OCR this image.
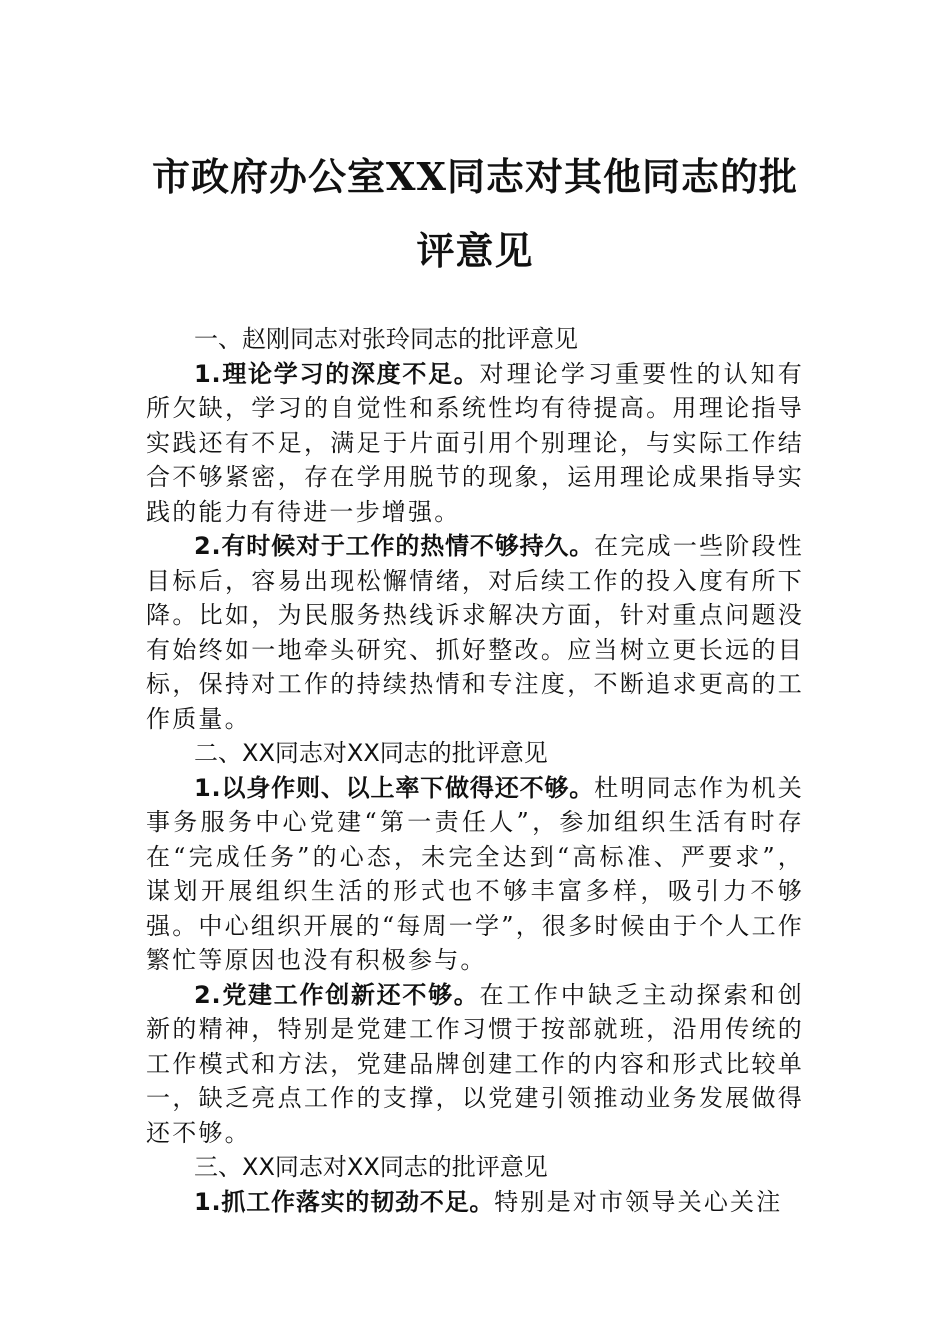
市政府办公室XX同志对其他同志的批评意见

一、赵刚同志对张玲同志的批评意见

1.理论学习的深度不足。对理论学习重要性的认知有所欠缺，学习的自觉性和系统性均有待提高。用理论指导实践还有不足，满足于片面引用个别理论，与实际工作结合不够紧密，存在学用脱节的现象，运用理论成果指导实践的能力有待进一步增强。

2.有时候对于工作的热情不够持久。在完成一些阶段性目标后，容易出现松懈情绪，对后续工作的投入度有所下降。比如，为民服务热线诉求解决方面，针对重点问题没有始终如一地牵头研究、抓好整改。应当树立更长远的目标，保持对工作的持续热情和专注度，不断追求更高的工作质量。

二、XX同志对XX同志的批评意见

1.以身作则、以上率下做得还不够。杜明同志作为机关事务服务中心党建“第一责任人”，参加组织生活有时存在“完成任务”的心态，未完全达到“高标准、严要求”，谋划开展组织生活的形式也不够丰富多样，吸引力不够强。中心组织开展的“每周一学”，很多时候由于个人工作繁忙等原因也没有积极参与。

2.党建工作创新还不够。在工作中缺乏主动探索和创新的精神，特别是党建工作习惯于按部就班，沿用传统的工作模式和方法，党建品牌创建工作的内容和形式比较单一，缺乏亮点工作的支撑，以党建引领推动业务发展做得还不够。

三、XX同志对XX同志的批评意见

1.抓工作落实的韧劲不足。特别是对市领导关心关注
